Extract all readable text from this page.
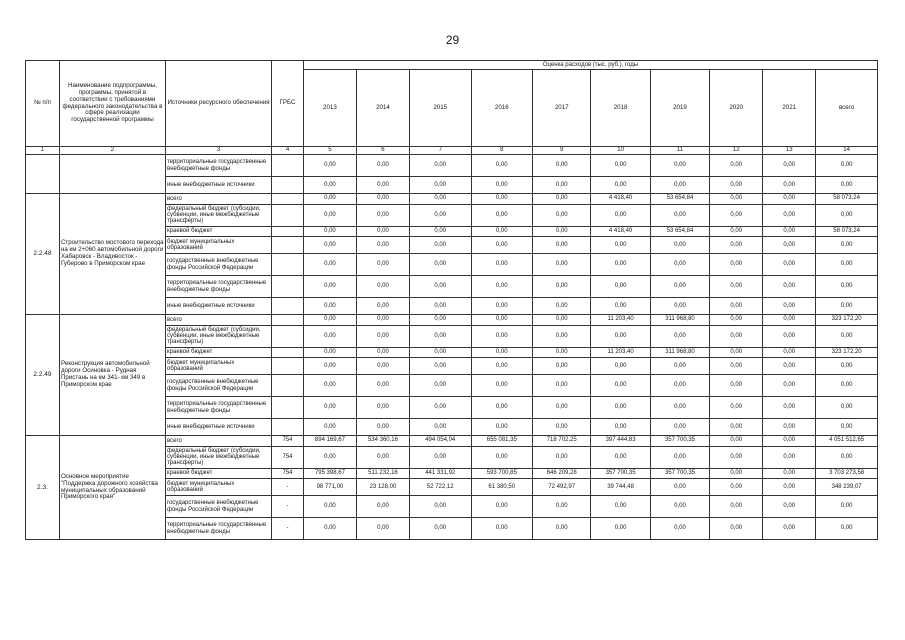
29
№ п/п	Наименование подпрограммы, программы, принятой в соответствии с требованиями федерального законодательства в сфере реализации государственной программы	Источники ресурсного обеспечения	ГРБС	Оценка расходов (тыс. руб.), годы									
				2013	2014	2015	2016	2017	2018	2019	2020	2021	всего
1	2	3	4	5	6	7	8	9	10	11	12	13	14
		территориальные государственные внебюджетные фонды		0,00	0,00	0,00	0,00	0,00	0,00	0,00	0,00	0,00	0,00
		иные внебюджетные источники		0,00	0,00	0,00	0,00	0,00	0,00	0,00	0,00	0,00	0,00
2.2.48	Строительство мостового перехода на км 2+060 автомобильной дороги Хабаровск - Владивосток - Губерово в Приморском крае	всего		0,00	0,00	0,00	0,00	0,00	4 418,40	53 654,84	0,00	0,00	58 073,24
		федеральный бюджет (субсидии, субвенции, иные межбюджетные трансферты)		0,00	0,00	0,00	0,00	0,00	0,00	0,00	0,00	0,00	0,00
		краевой бюджет		0,00	0,00	0,00	0,00	0,00	4 418,40	53 654,84	0,00	0,00	58 073,24
		бюджет муниципальных образований		0,00	0,00	0,00	0,00	0,00	0,00	0,00	0,00	0,00	0,00
		государственные внебюджетные фонды Российской Федерации		0,00	0,00	0,00	0,00	0,00	0,00	0,00	0,00	0,00	0,00
		территориальные государственные внебюджетные фонды		0,00	0,00	0,00	0,00	0,00	0,00	0,00	0,00	0,00	0,00
		иные внебюджетные источники		0,00	0,00	0,00	0,00	0,00	0,00	0,00	0,00	0,00	0,00
2.2.49	Реконструкция автомобильной дороги Осиновка - Рудная Пристань на км 341- км 349 в Приморском крае	всего		0,00	0,00	0,00	0,00	0,00	11 203,40	311 968,80	0,00	0,00	323 172,20
		федеральный бюджет (субсидии, субвенции, иные межбюджетные трансферты)		0,00	0,00	0,00	0,00	0,00	0,00	0,00	0,00	0,00	0,00
		краевой бюджет		0,00	0,00	0,00	0,00	0,00	11 203,40	311 968,80	0,00	0,00	323 172,20
		бюджет муниципальных образований		0,00	0,00	0,00	0,00	0,00	0,00	0,00	0,00	0,00	0,00
		государственные внебюджетные фонды Российской Федерации		0,00	0,00	0,00	0,00	0,00	0,00	0,00	0,00	0,00	0,00
		территориальные государственные внебюджетные фонды		0,00	0,00	0,00	0,00	0,00	0,00	0,00	0,00	0,00	0,00
		иные внебюджетные источники		0,00	0,00	0,00	0,00	0,00	0,00	0,00	0,00	0,00	0,00
2.3.	Основное мероприятие "Поддержка дорожного хозяйства муниципальных образований Приморского края"	всего	754	894 169,67	534 360,16	494 054,04	655 081,35	718 702,25	397 444,83	357 700,35	0,00	0,00	4 051 512,65
		федеральный бюджет (субсидии, субвенции, иные межбюджетные трансферты)	754	0,00	0,00	0,00	0,00	0,00	0,00	0,00	0,00	0,00	0,00
		краевой бюджет	754	795 398,67	511 232,16	441 331,92	593 700,85	646 209,28	357 700,35	357 700,35	0,00	0,00	3 703 273,58
		бюджет муниципальных образований	-	98 771,00	23 128,00	52 722,12	61 380,50	72 492,97	39 744,48	0,00	0,00	0,00	348 239,07
		государственные внебюджетные фонды Российской Федерации	-	0,00	0,00	0,00	0,00	0,00	0,00	0,00	0,00	0,00	0,00
		территориальные государственные внебюджетные фонды	-	0,00	0,00	0,00	0,00	0,00	0,00	0,00	0,00	0,00	0,00
